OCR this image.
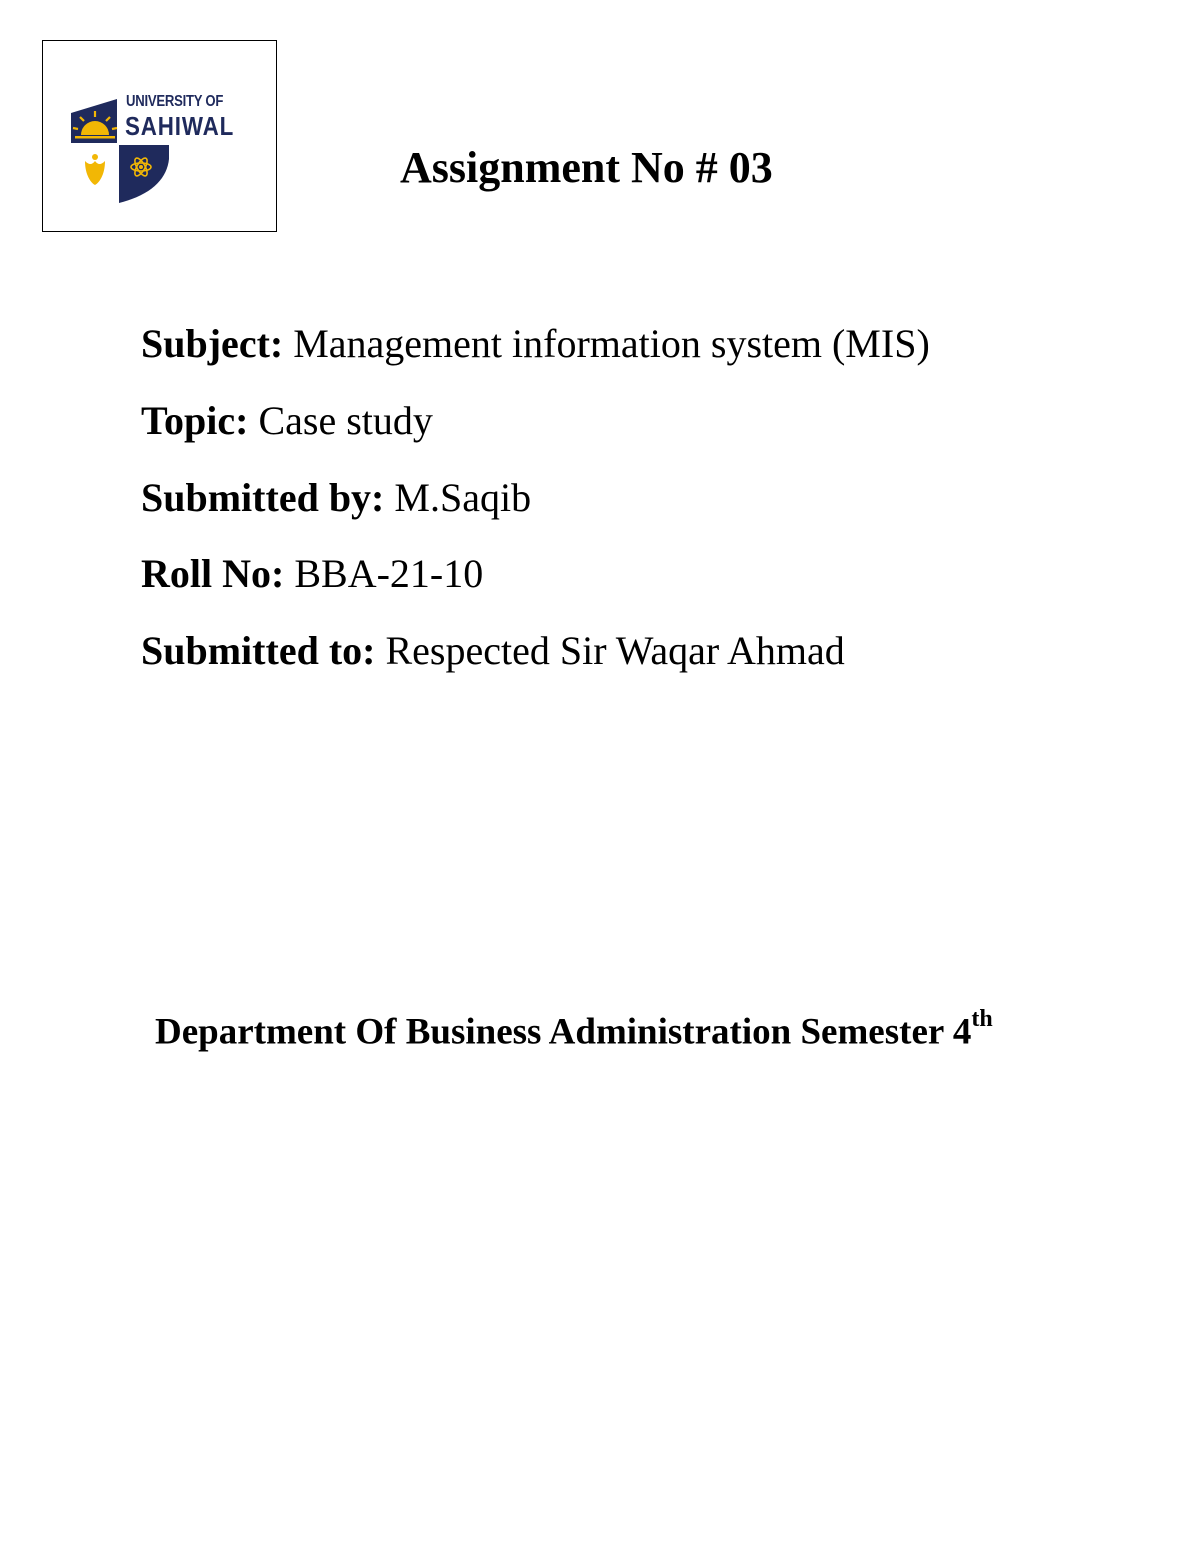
UNIVERSITY OF
SAHIWAL
Assignment No # 03
Subject: Management information system (MIS)
Topic: Case study
Submitted by: M.Saqib
Roll No: BBA-21-10
Submitted to: Respected Sir Waqar Ahmad
Department Of Business Administration Semester 4th
